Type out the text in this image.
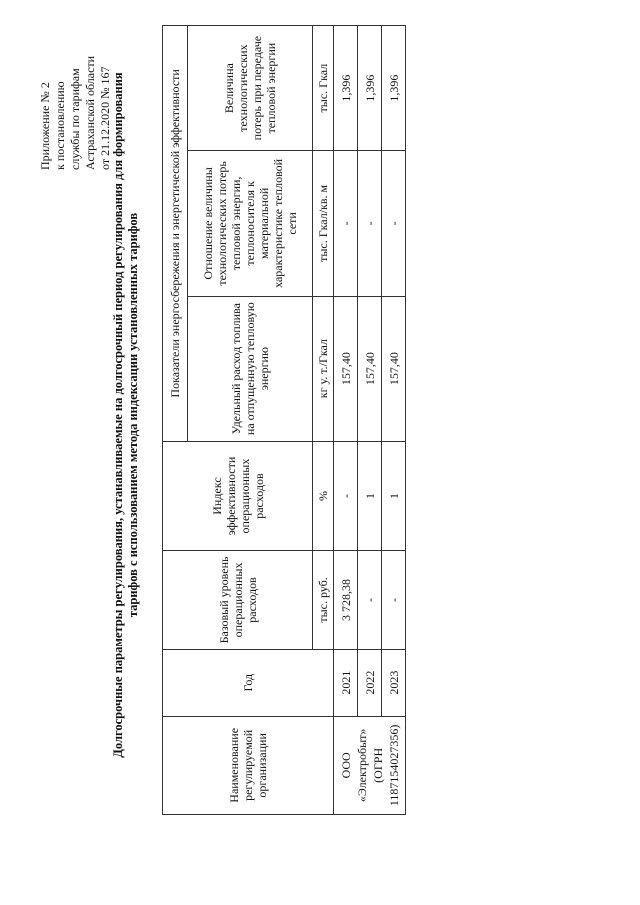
Приложение № 2 к постановлению службы по тарифам Астраханской области от 21.12.2020 № 167 Долгосрочные параметры регулирования, устанавливаемые на долгосрочный период регулирования для формирования тарифов с использованием метода индексации установленных тарифов
Наименование регулируемой организации	Год	Базовый уровень операционных расходов	Индекс эффективности операционных расходов	Показатели энергосбережения и энергетической эффективности		
				Удельный расход топлива на отпущенную тепловую энергию	Отношение величины технологических потерь тепловой энергии, теплоносителя к материальной характеристике тепловой сети	Величина технологических потерь при передаче тепловой энергии
		тыс. руб.	%	кг у. т./Гкал	тыс. Гкал/кв. м	тыс. Гкал

ООО «Электробыт» (ОГРН 1187154027356)	2021	3 728,38	-	157,40	-	1,396
	2022	-	1	157,40	-	1,396
	2023	-	1	157,40	-	1,396
